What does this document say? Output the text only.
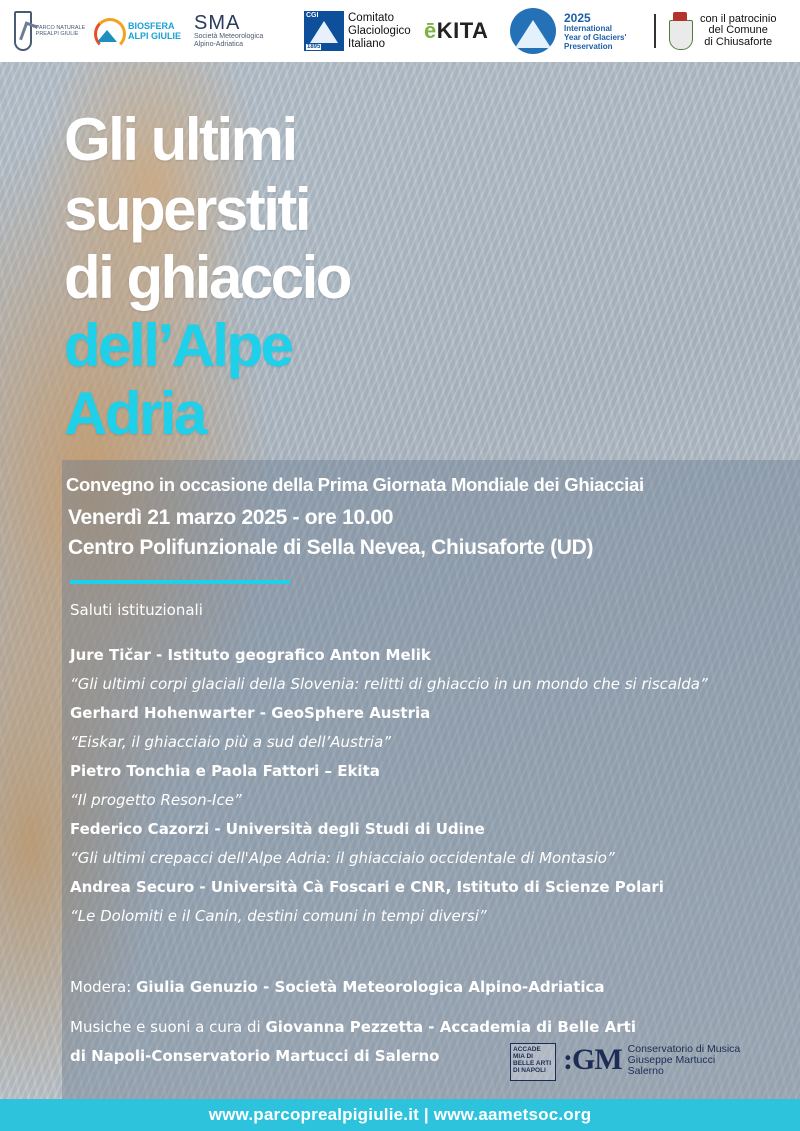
PARCO NATURALE PREALPI GIULIE
BIOSFERA
ALPI GIULIE
SMA
Società Meteorologica
Alpino-Adriatica
CGI
1895
Comitato
Glaciologico
Italiano
ēKITA
2025
International
Year of Glaciers'
Preservation
con il patrocinio
del Comune
di Chiusaforte
Gli ultimi
superstiti
di ghiaccio
dell’Alpe
Adria
Convegno in occasione della Prima Giornata Mondiale dei Ghiacciai
Venerdì 21 marzo 2025 - ore 10.00
Centro Polifunzionale di Sella Nevea, Chiusaforte (UD)
Saluti istituzionali
Jure Tičar - Istituto geografico Anton Melik
“Gli ultimi corpi glaciali della Slovenia: relitti di ghiaccio in un mondo che si riscalda”
Gerhard Hohenwarter - GeoSphere Austria
“Eiskar, il ghiacciaio più a sud dell’Austria”
Pietro Tonchia e Paola Fattori – Ekita
“Il progetto Reson-Ice”
Federico Cazorzi - Università degli Studi di Udine
“Gli ultimi crepacci dell'Alpe Adria: il ghiacciaio occidentale di Montasio”
Andrea Securo - Università Cà Foscari e CNR, Istituto di Scienze Polari
“Le Dolomiti e il Canin, destini comuni in tempi diversi”
Modera: Giulia Genuzio - Società Meteorologica Alpino-Adriatica
Musiche e suoni a cura di Giovanna Pezzetta - Accademia di Belle Arti
di Napoli-Conservatorio Martucci di Salerno	ACCADE MIA DI BELLE ARTI DI NAPOLI :GM Conservatorio di Musica
Giuseppe Martucci
Salerno
www.parcoprealpigiulie.it | www.aametsoc.org
